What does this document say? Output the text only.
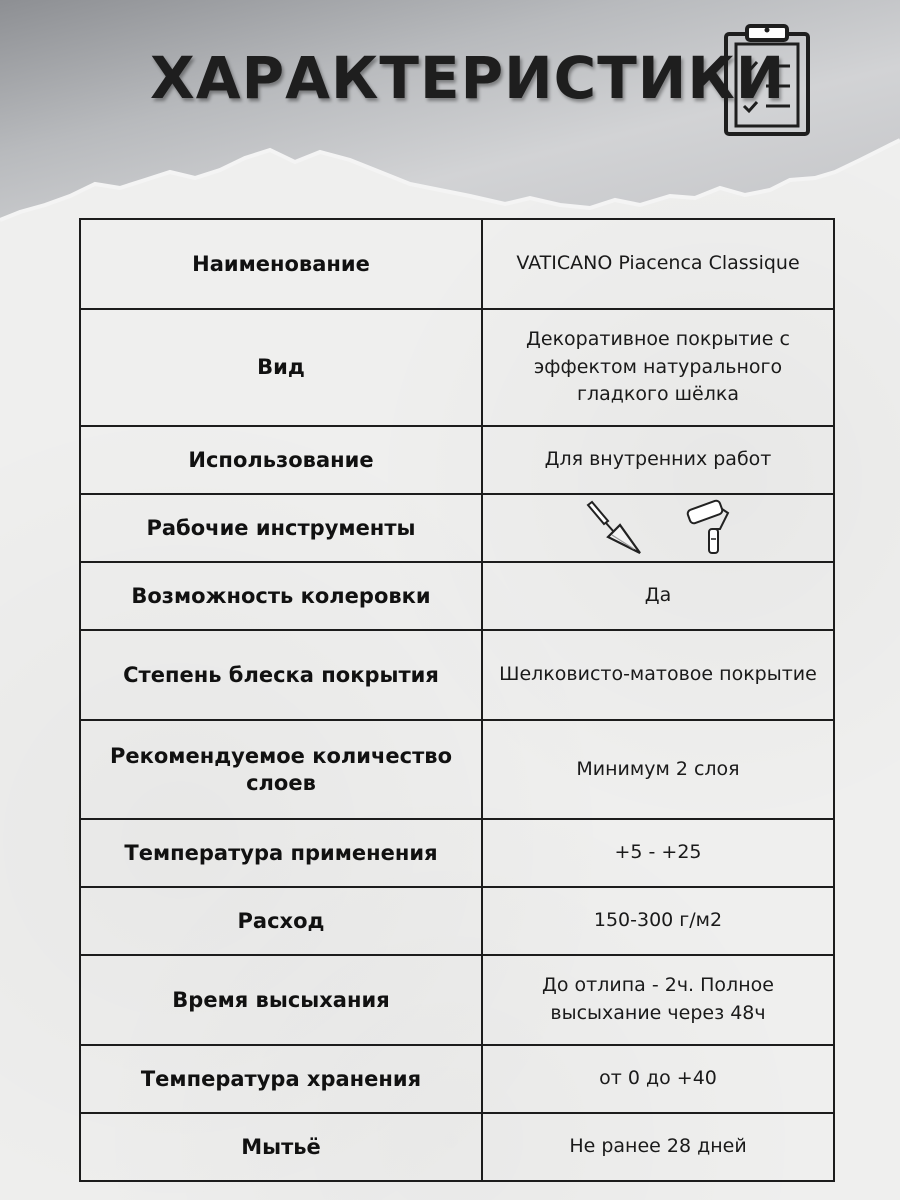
ХАРАКТЕРИСТИКИ
Наименование	VATICANO Piacenca Classique
Вид	Декоративное покрытие с эффектом натурального гладкого шёлка
Использование	Для внутренних работ
Рабочие инструменты	

Возможность колеровки	Да
Степень блеска покрытия	Шелковисто-матовое покрытие
Рекомендуемое количество слоев	Минимум 2 слоя
Температура применения	+5 - +25
Расход	150-300 г/м2
Время высыхания	До отлипа - 2ч. Полное высыхание через 48ч
Температура хранения	от 0 до +40
Мытьё	Не ранее 28 дней
